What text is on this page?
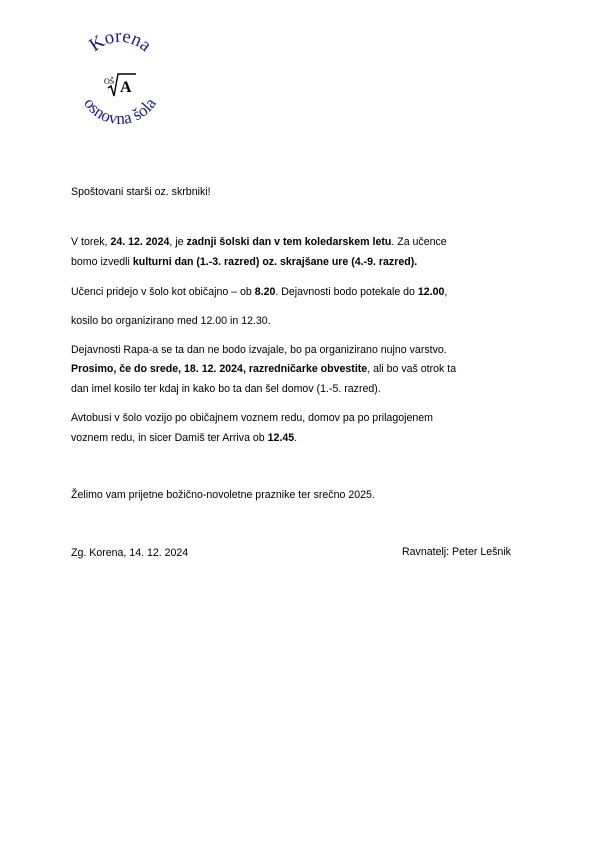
Korena
osnovna šola
OŠ A
Spoštovani starši oz. skrbniki!
V torek, 24. 12. 2024, je zadnji šolski dan v tem koledarskem letu. Za učence
bomo izvedli kulturni dan (1.-3. razred) oz. skrajšane ure (4.-9. razred).
Učenci pridejo v šolo kot običajno – ob 8.20. Dejavnosti bodo potekale do 12.00,
kosilo bo organizirano med 12.00 in 12.30.
Dejavnosti Rapa-a se ta dan ne bodo izvajale, bo pa organizirano nujno varstvo.
Prosimo, če do srede, 18. 12. 2024, razredničarke obvestite, ali bo vaš otrok ta
dan imel kosilo ter kdaj in kako bo ta dan šel domov (1.-5. razred).
Avtobusi v šolo vozijo po običajnem voznem redu, domov pa po prilagojenem
voznem redu, in sicer Damiš ter Arriva ob 12.45.
Želimo vam prijetne božično-novoletne praznike ter srečno 2025.
Zg. Korena, 14. 12. 2024	Ravnatelj: Peter Lešnik
